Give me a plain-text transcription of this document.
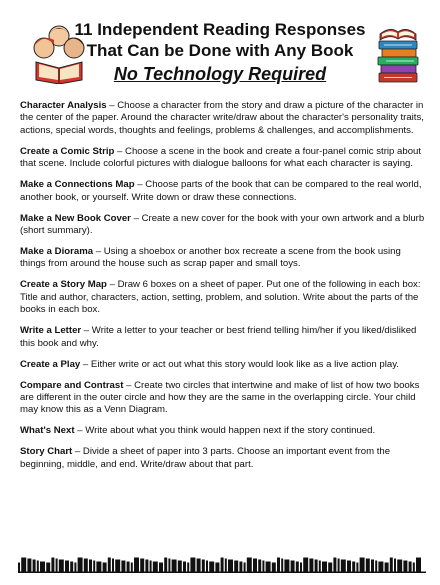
11 Independent Reading Responses

That Can be Done with Any Book

No Technology Required

Character Analysis – Choose a character from the story and draw a picture of the character in the center of the paper. Around the character write/draw about the character's personality traits, actions, special words, thoughts and feelings, problems & challenges, and accomplishments.

Create a Comic Strip – Choose a scene in the book and create a four-panel comic strip about that scene. Include colorful pictures with dialogue balloons for what each character is saying.

Make a Connections Map – Choose parts of the book that can be compared to the real world, another book, or yourself. Write down or draw these connections.

Make a New Book Cover – Create a new cover for the book with your own artwork and a blurb (short summary).

Make a Diorama – Using a shoebox or another box recreate a scene from the book using things from around the house such as scrap paper and small toys.

Create a Story Map – Draw 6 boxes on a sheet of paper. Put one of the following in each box: Title and author, characters, action, setting, problem, and solution. Write about the parts of the books in each box.

Write a Letter – Write a letter to your teacher or best friend telling him/her if you liked/disliked this book and why.

Create a Play – Either write or act out what this story would look like as a live action play.

Compare and Contrast – Create two circles that intertwine and make of list of how two books are different in the outer circle and how they are the same in the overlapping circle. Your child may know this as a Venn Diagram.

What's Next – Write about what you think would happen next if the story continued.

Story Chart – Divide a sheet of paper into 3 parts. Choose an important event from the beginning, middle, and end. Write/draw about that part.
